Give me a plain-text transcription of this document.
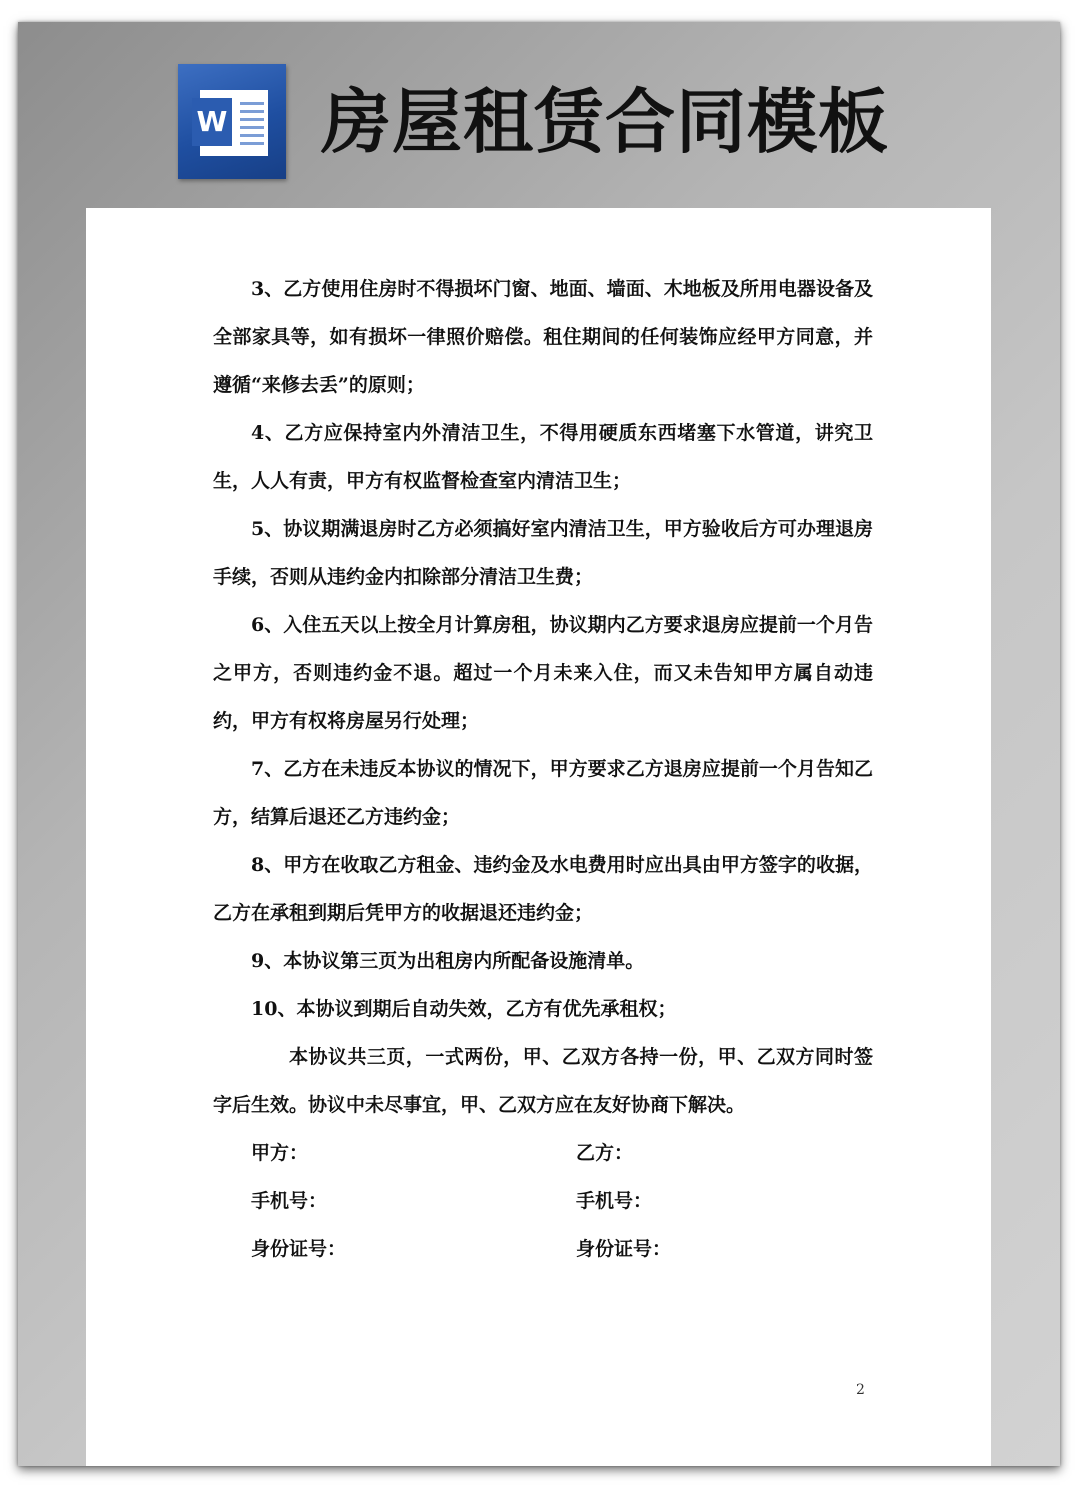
W 房屋租赁合同模板

3、乙方使用住房时不得损坏门窗、地面、墙面、木地板及所用电器设备及全部家具等，如有损坏一律照价赔偿。租住期间的任何装饰应经甲方同意，并遵循“来修去丢”的原则；

4、乙方应保持室内外清洁卫生，不得用硬质东西堵塞下水管道，讲究卫生，人人有责，甲方有权监督检查室内清洁卫生；

5、协议期满退房时乙方必须搞好室内清洁卫生，甲方验收后方可办理退房手续，否则从违约金内扣除部分清洁卫生费；

6、入住五天以上按全月计算房租，协议期内乙方要求退房应提前一个月告之甲方，否则违约金不退。超过一个月未来入住，而又未告知甲方属自动违约，甲方有权将房屋另行处理；

7、乙方在未违反本协议的情况下，甲方要求乙方退房应提前一个月告知乙方，结算后退还乙方违约金；

8、甲方在收取乙方租金、违约金及水电费用时应出具由甲方签字的收据，乙方在承租到期后凭甲方的收据退还违约金；

9、本协议第三页为出租房内所配备设施清单。

10、本协议到期后自动失效，乙方有优先承租权；

本协议共三页，一式两份，甲、乙双方各持一份，甲、乙双方同时签字后生效。协议中未尽事宜，甲、乙双方应在友好协商下解决。

甲方：	乙方：
手机号：	手机号：
身份证号：	身份证号：
2
